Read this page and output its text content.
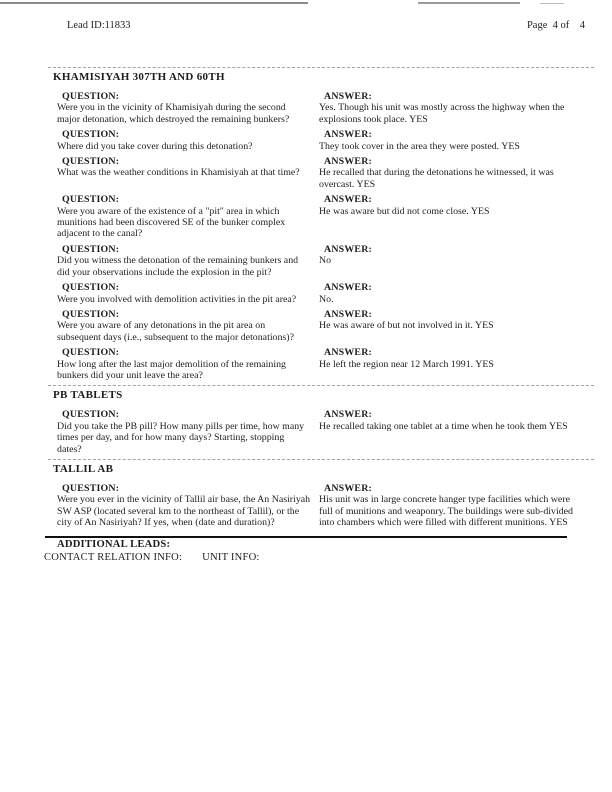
Lead ID:11833	Page  4 of    4
KHAMISIYAH 307TH AND 60TH
QUESTION:
Were you in the vicinity of Khamisiyah during the second major detonation, which destroyed the remaining bunkers?
ANSWER:
Yes. Though his unit was mostly across the highway when the explosions took place. YES
QUESTION:
Where did you take cover during this detonation?
ANSWER:
They took cover in the area they were posted. YES
QUESTION:
What was the weather conditions in Khamisiyah at that time?
ANSWER:
He recalled that during the detonations he witnessed, it was overcast. YES
QUESTION:
Were you aware of the existence of a "pit" area in which munitions had been discovered SE of the bunker complex adjacent to the canal?
ANSWER:
He was aware but did not come close. YES
QUESTION:
Did you witness the detonation of the remaining bunkers and did your observations include the explosion in the pit?
ANSWER:
No
QUESTION:
Were you involved with demolition activities in the pit area?
ANSWER:
No.
QUESTION:
Were you aware of any detonations in the pit area on subsequent days (i.e., subsequent to the major detonations)?
ANSWER:
He was aware of but not involved in it. YES
QUESTION:
How long after the last major demolition of the remaining bunkers did your unit leave the area?
ANSWER:
He left the region near 12 March 1991. YES
PB TABLETS
QUESTION:
Did you take the PB pill? How many pills per time, how many times per day, and for how many days? Starting, stopping dates?
ANSWER:
He recalled taking one tablet at a time when he took them YES
TALLIL AB
QUESTION:
Were you ever in the vicinity of Tallil air base, the An Nasiriyah SW ASP (located several km to the northeast of Tallil), or the city of An Nasiriyah? If yes, when (date and duration)?
ANSWER:
His unit was in large concrete hanger type facilities which were full of munitions and weaponry. The buildings were sub-divided into chambers which were filled with different munitions. YES
ADDITIONAL LEADS:
CONTACT RELATION INFO: UNIT INFO:
